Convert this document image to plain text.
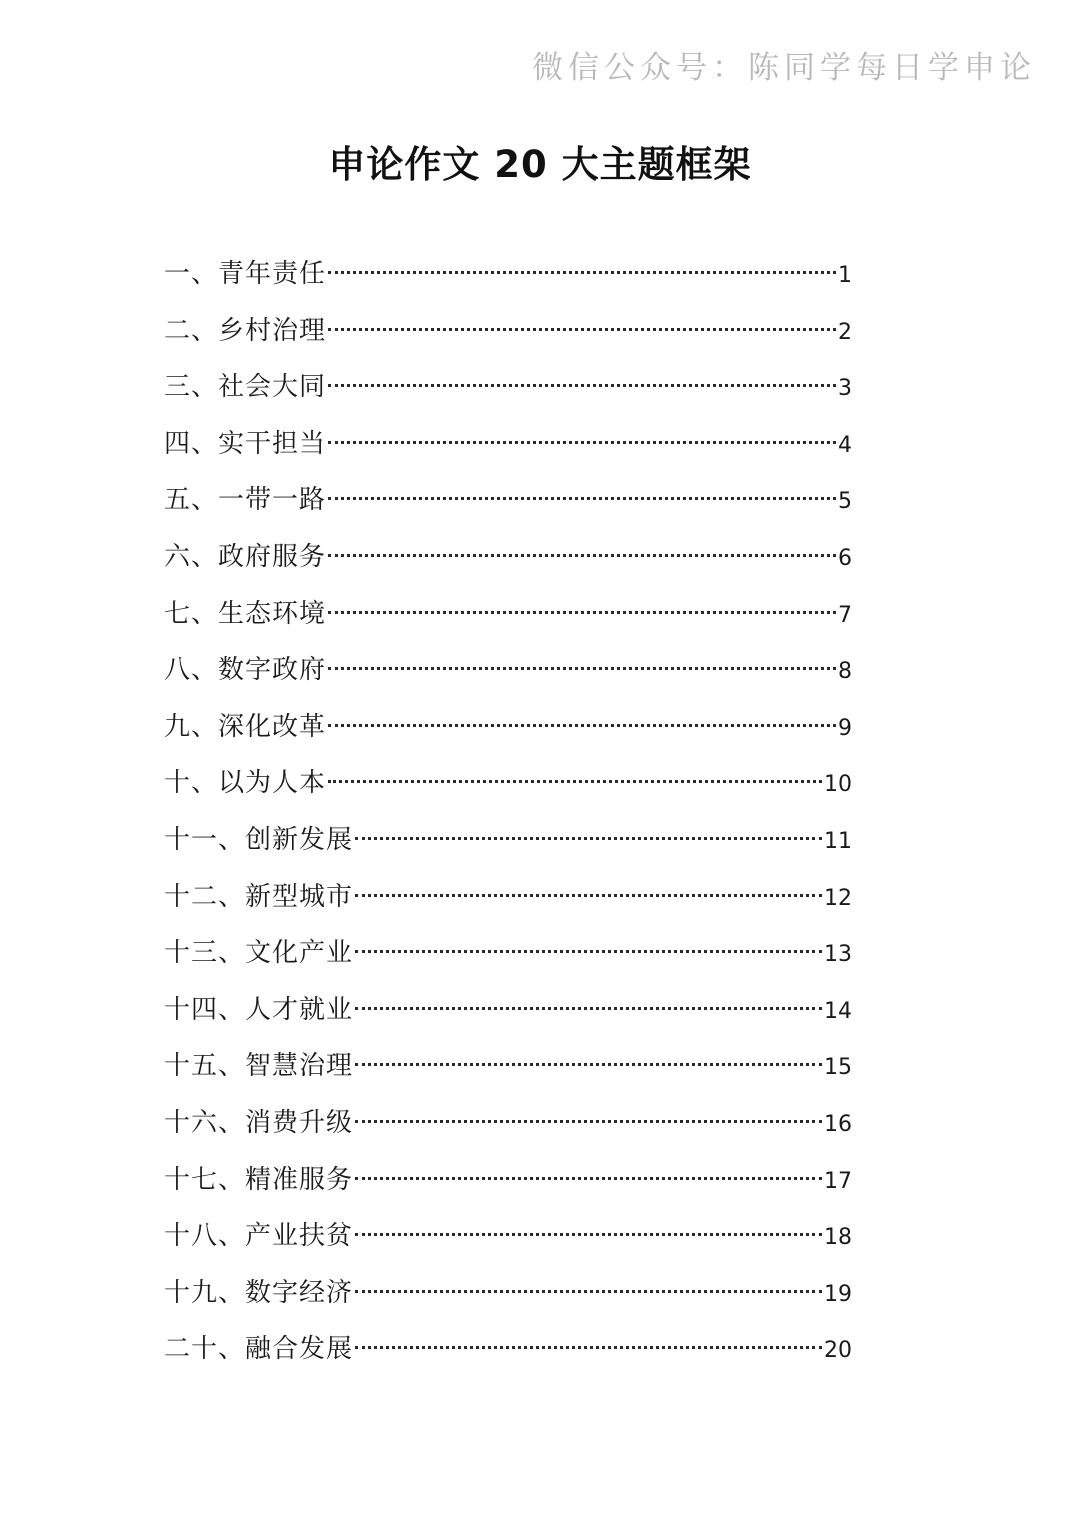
微信公众号：陈同学每日学申论
申论作文 20 大主题框架
一、青年责任	1
二、乡村治理	2
三、社会大同	3
四、实干担当	4
五、一带一路	5
六、政府服务	6
七、生态环境	7
八、数字政府	8
九、深化改革	9
十、以为人本	10
十一、创新发展	11
十二、新型城市	12
十三、文化产业	13
十四、人才就业	14
十五、智慧治理	15
十六、消费升级	16
十七、精准服务	17
十八、产业扶贫	18
十九、数字经济	19
二十、融合发展	20
